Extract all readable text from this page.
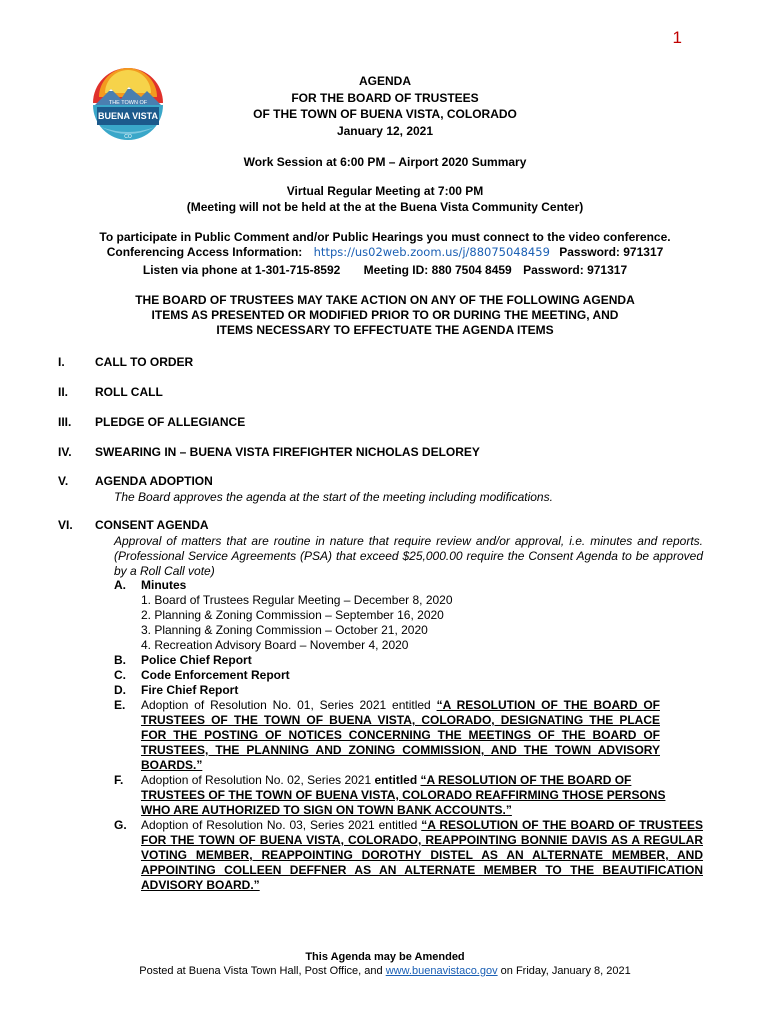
1
THE TOWN OF
BUENA VISTA
CO
AGENDA
FOR THE BOARD OF TRUSTEES
OF THE TOWN OF BUENA VISTA, COLORADO
January 12, 2021
Work Session at 6:00 PM – Airport 2020 Summary
Virtual Regular Meeting at 7:00 PM
(Meeting will not be held at the at the Buena Vista Community Center)
To participate in Public Comment and/or Public Hearings you must connect to the video conference.
Conferencing Access Information: https://us02web.zoom.us/j/88075048459 Password: 971317
Listen via phone at 1-301-715-8592 Meeting ID: 880 7504 8459 Password: 971317
THE BOARD OF TRUSTEES MAY TAKE ACTION ON ANY OF THE FOLLOWING AGENDA
ITEMS AS PRESENTED OR MODIFIED PRIOR TO OR DURING THE MEETING, AND
ITEMS NECESSARY TO EFFECTUATE THE AGENDA ITEMS
I.	CALL TO ORDER
II. ROLL CALL
III. PLEDGE OF ALLEGIANCE
IV. SWEARING IN – BUENA VISTA FIREFIGHTER NICHOLAS DELOREY
V. AGENDA ADOPTION
The Board approves the agenda at the start of the meeting including modifications.
VI. CONSENT AGENDA
Approval of matters that are routine in nature that require review and/or approval, i.e. minutes and reports. (Professional Service Agreements (PSA) that exceed $25,000.00 require the Consent Agenda to be approved by a Roll Call vote)
A. Minutes
1. Board of Trustees Regular Meeting – December 8, 2020
2. Planning & Zoning Commission – September 16, 2020
3. Planning & Zoning Commission – October 21, 2020
4. Recreation Advisory Board – November 4, 2020
B. Police Chief Report
C. Code Enforcement Report
D. Fire Chief Report
E. Adoption of Resolution No. 01, Series 2021 entitled “A RESOLUTION OF THE BOARD OF TRUSTEES OF THE TOWN OF BUENA VISTA, COLORADO, DESIGNATING THE PLACE FOR THE POSTING OF NOTICES CONCERNING THE MEETINGS OF THE BOARD OF TRUSTEES, THE PLANNING AND ZONING COMMISSION, AND THE TOWN ADVISORY BOARDS.”
F. Adoption of Resolution No. 02, Series 2021 entitled “A RESOLUTION OF THE BOARD OF TRUSTEES OF THE TOWN OF BUENA VISTA, COLORADO REAFFIRMING THOSE PERSONS WHO ARE AUTHORIZED TO SIGN ON TOWN BANK ACCOUNTS.”
G. Adoption of Resolution No. 03, Series 2021 entitled “A RESOLUTION OF THE BOARD OF TRUSTEES FOR THE TOWN OF BUENA VISTA, COLORADO, REAPPOINTING BONNIE DAVIS AS A REGULAR VOTING MEMBER, REAPPOINTING DOROTHY DISTEL AS AN ALTERNATE MEMBER, AND APPOINTING COLLEEN DEFFNER AS AN ALTERNATE MEMBER TO THE BEAUTIFICATION ADVISORY BOARD.”
This Agenda may be Amended
Posted at Buena Vista Town Hall, Post Office, and www.buenavistaco.gov on Friday, January 8, 2021
